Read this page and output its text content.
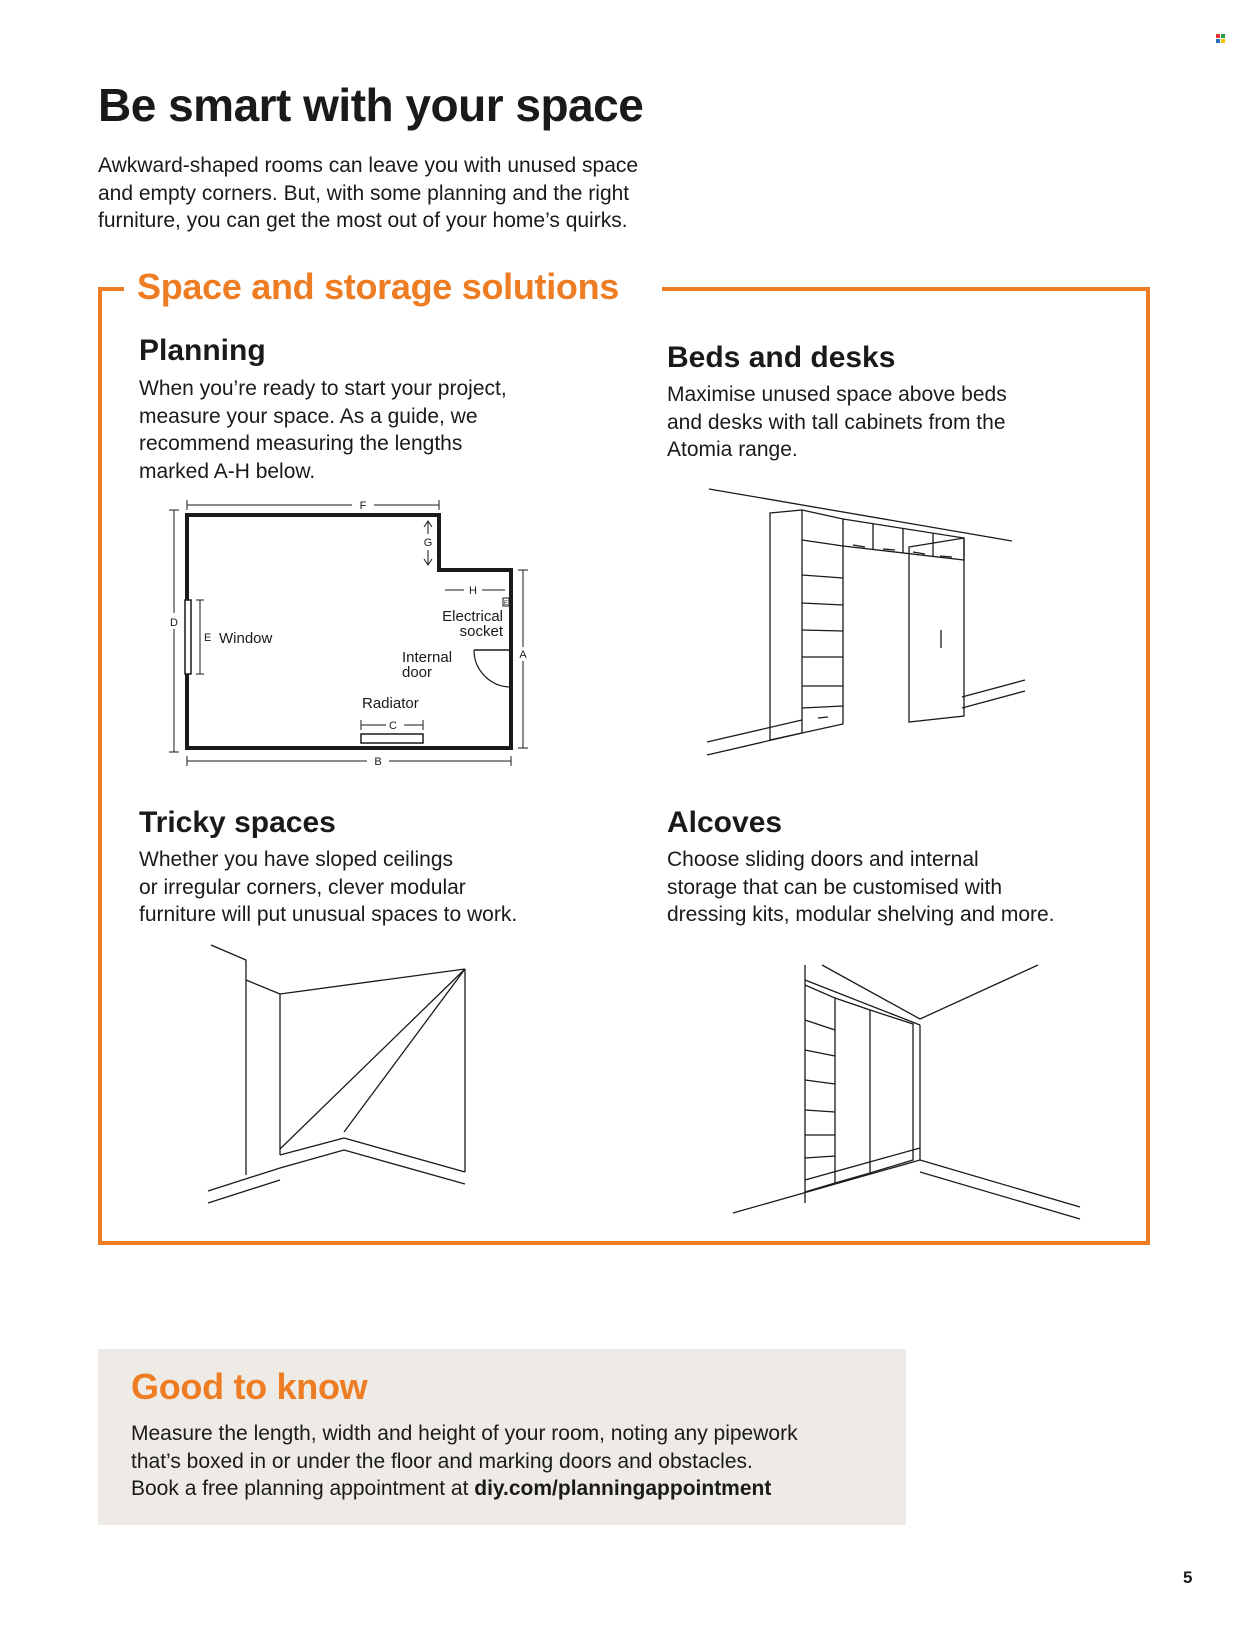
Be smart with your space

Awkward-shaped rooms can leave you with unused space
and empty corners. But, with some planning and the right
furniture, you can get the most out of your home’s quirks.

Space and storage solutions
Planning

When you’re ready to start your project,
measure your space. As a guide, we
recommend measuring the lengths
marked A-H below.

F
B
C
D
A
G
H
E
E
Window
Electrical
socket
Internal
door
Radiator
Beds and desks

Maximise unused space above beds
and desks with tall cabinets from the
Atomia range.

Tricky spaces

Whether you have sloped ceilings
or irregular corners, clever modular
furniture will put unusual spaces to work.

Alcoves

Choose sliding doors and internal
storage that can be customised with
dressing kits, modular shelving and more.

Good to know

Measure the length, width and height of your room, noting any pipework
that’s boxed in or under the floor and marking doors and obstacles.
Book a free planning appointment at diy.com/planningappointment

5
